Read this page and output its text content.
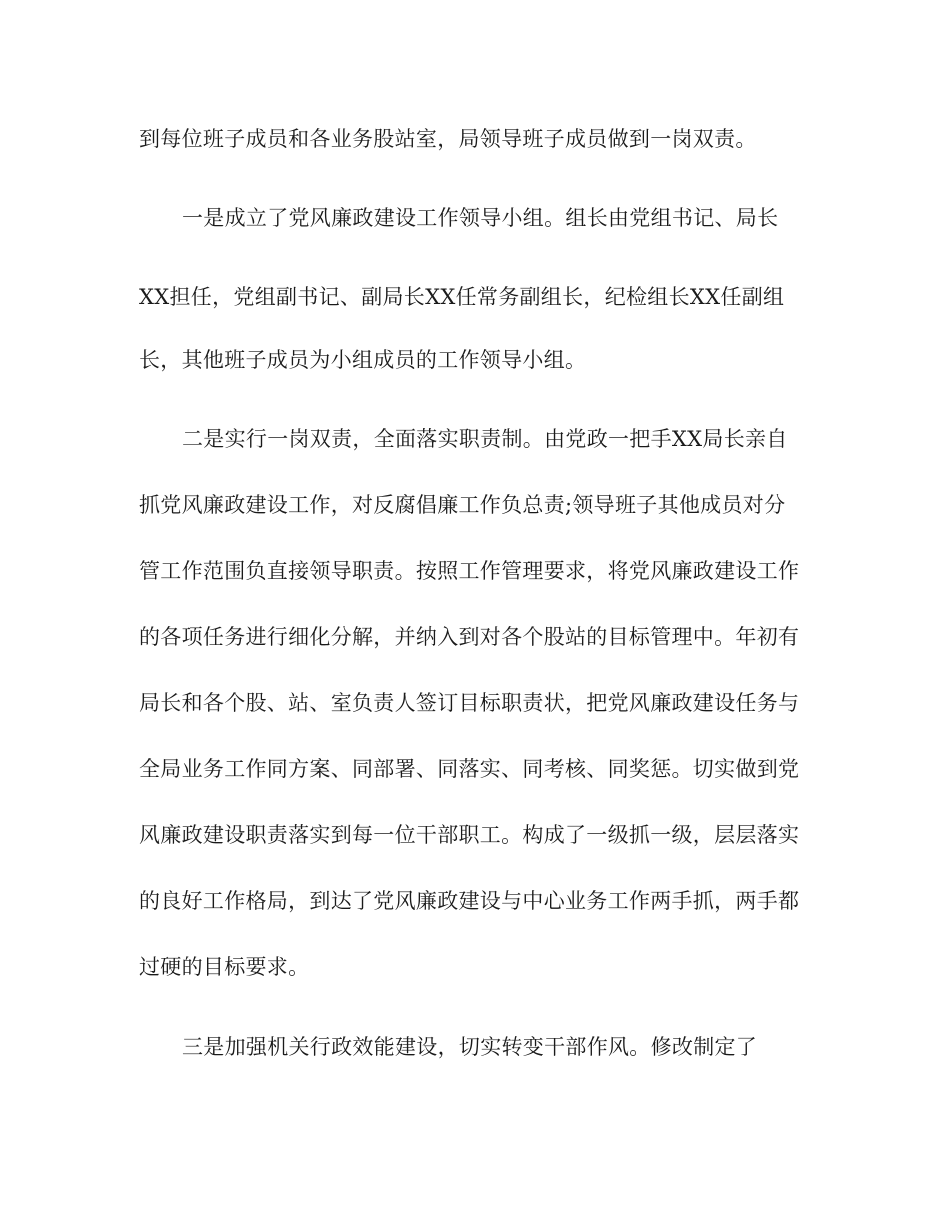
到每位班子成员和各业务股站室，局领导班子成员做到一岗双责。
一是成立了党风廉政建设工作领导小组。组长由党组书记、局长
XX担任，党组副书记、副局长XX任常务副组长，纪检组长XX任副组
长，其他班子成员为小组成员的工作领导小组。
二是实行一岗双责，全面落实职责制。由党政一把手XX局长亲自
抓党风廉政建设工作，对反腐倡廉工作负总责;领导班子其他成员对分
管工作范围负直接领导职责。按照工作管理要求，将党风廉政建设工作
的各项任务进行细化分解，并纳入到对各个股站的目标管理中。年初有
局长和各个股、站、室负责人签订目标职责状，把党风廉政建设任务与
全局业务工作同方案、同部署、同落实、同考核、同奖惩。切实做到党
风廉政建设职责落实到每一位干部职工。构成了一级抓一级，层层落实
的良好工作格局，到达了党风廉政建设与中心业务工作两手抓，两手都
过硬的目标要求。
三是加强机关行政效能建设，切实转变干部作风。修改制定了
